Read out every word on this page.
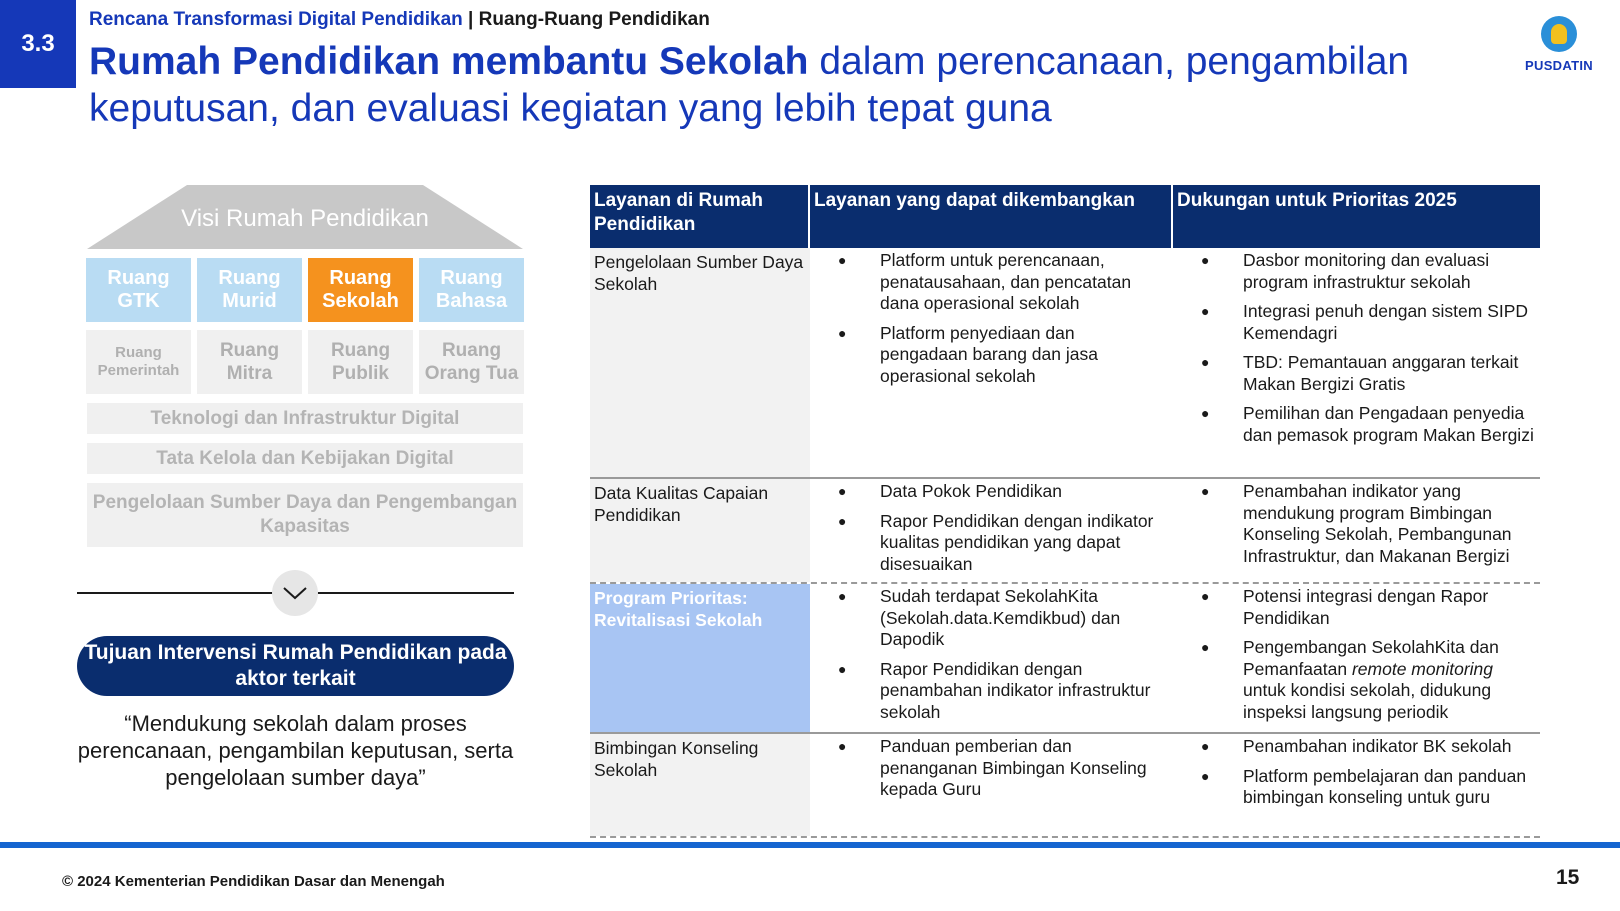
3.3
Rencana Transformasi Digital Pendidikan | Ruang-Ruang Pendidikan
Rumah Pendidikan membantu Sekolah dalam perencanaan, pengambilan keputusan, dan evaluasi kegiatan yang lebih tepat guna
PUSDATIN
Visi Rumah Pendidikan
Ruang GTK
Ruang Murid
Ruang Sekolah
Ruang Bahasa
Ruang Pemerintah
Ruang Mitra
Ruang Publik
Ruang Orang Tua
Teknologi dan Infrastruktur Digital
Tata Kelola dan Kebijakan Digital
Pengelolaan Sumber Daya dan Pengembangan Kapasitas
Tujuan Intervensi Rumah Pendidikan pada aktor terkait
“Mendukung sekolah dalam proses perencanaan, pengambilan keputusan, serta pengelolaan sumber daya”
Layanan di Rumah Pendidikan
Layanan yang dapat dikembangkan	Dukungan untuk Prioritas 2025
Pengelolaan Sumber Daya Sekolah
● Platform untuk perencanaan, penatausahaan, dan pencatatan dana operasional sekolah
● Platform penyediaan dan pengadaan barang dan jasa operasional sekolah
● Dasbor monitoring dan evaluasi program infrastruktur sekolah
● Integrasi penuh dengan sistem SIPD Kemendagri
● TBD: Pemantauan anggaran terkait Makan Bergizi Gratis
● Pemilihan dan Pengadaan penyedia dan pemasok program Makan Bergizi
Data Kualitas Capaian Pendidikan
● Data Pokok Pendidikan
● Rapor Pendidikan dengan indikator kualitas pendidikan yang dapat disesuaikan
● Penambahan indikator yang mendukung program Bimbingan Konseling Sekolah, Pembangunan Infrastruktur, dan Makanan Bergizi
Program Prioritas: Revitalisasi Sekolah
● Sudah terdapat SekolahKita (Sekolah.data.Kemdikbud) dan Dapodik
● Rapor Pendidikan dengan penambahan indikator infrastruktur sekolah
● Potensi integrasi dengan Rapor Pendidikan
● Pengembangan SekolahKita dan Pemanfaatan remote monitoring untuk kondisi sekolah, didukung inspeksi langsung periodik
Bimbingan Konseling Sekolah
● Panduan pemberian dan penanganan Bimbingan Konseling kepada Guru
● Penambahan indikator BK sekolah
● Platform pembelajaran dan panduan bimbingan konseling untuk guru
© 2024 Kementerian Pendidikan Dasar dan Menengah	15
